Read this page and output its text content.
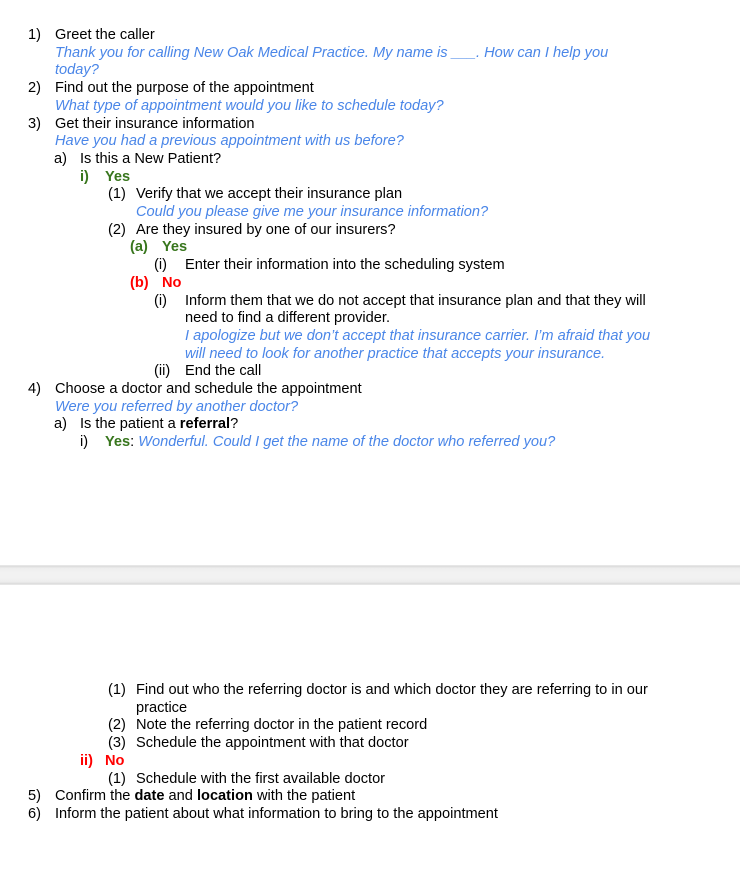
1) Greet the caller
Thank you for calling New Oak Medical Practice. My name is ___. How can I help you
today?
2) Find out the purpose of the appointment
What type of appointment would you like to schedule today?
3) Get their insurance information
Have you had a previous appointment with us before?
a) Is this a New Patient?
i) Yes
(1) Verify that we accept their insurance plan
Could you please give me your insurance information?
(2) Are they insured by one of our insurers?
(a) Yes
(i) Enter their information into the scheduling system
(b) No
(i) Inform them that we do not accept that insurance plan and that they will
need to find a different provider.
I apologize but we don’t accept that insurance carrier. I’m afraid that you
will need to look for another practice that accepts your insurance.
(ii) End the call
4) Choose a doctor and schedule the appointment
Were you referred by another doctor?
a) Is the patient a referral?
i) Yes: Wonderful. Could I get the name of the doctor who referred you?
(1) Find out who the referring doctor is and which doctor they are referring to in our
practice
(2) Note the referring doctor in the patient record
(3) Schedule the appointment with that doctor
ii) No
(1) Schedule with the first available doctor
5) Confirm the date and location with the patient
6) Inform the patient about what information to bring to the appointment
